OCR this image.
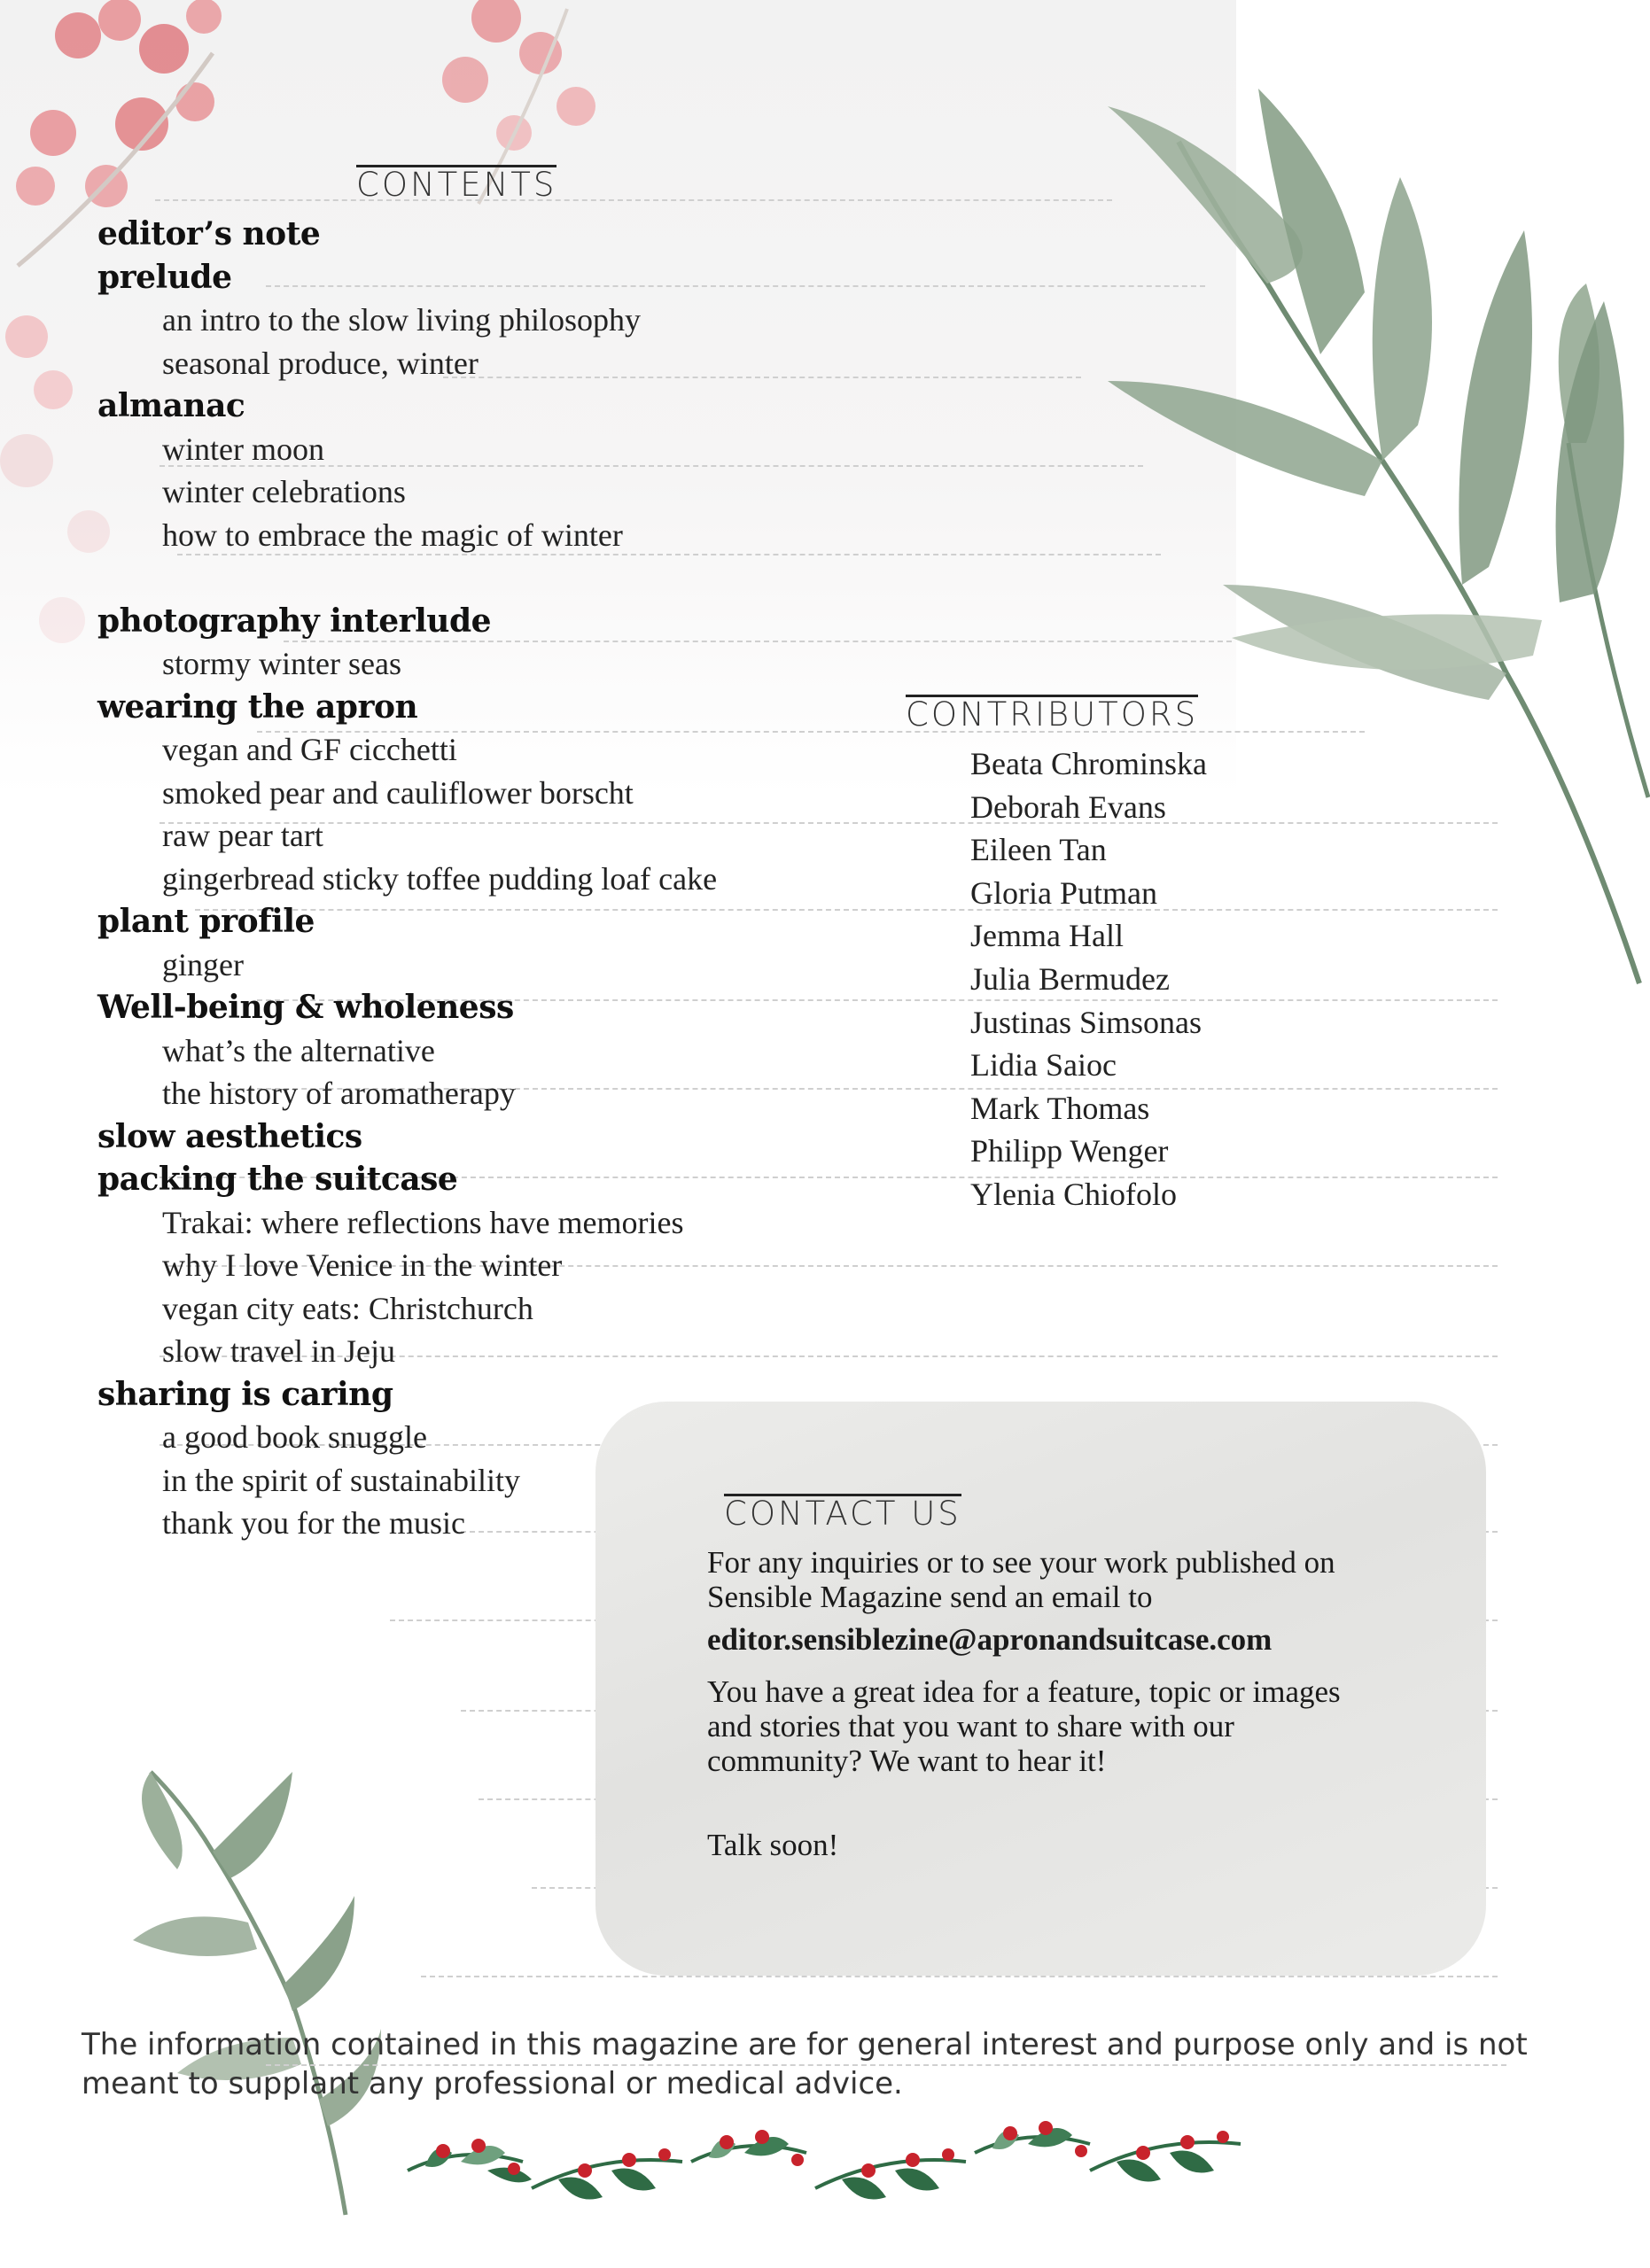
CONTENTS
editor’s note
prelude
an intro to the slow living philosophy
seasonal produce, winter
almanac
winter moon
winter celebrations
how to embrace the magic of winter
photography interlude
stormy winter seas
wearing the apron
vegan and GF cicchetti
smoked pear and cauliflower borscht
raw pear tart
gingerbread sticky toffee pudding loaf cake
plant profile
ginger
Well-being & wholeness
what’s the alternative
the history of aromatherapy
slow aesthetics
packing the suitcase
Trakai: where reflections have memories
why I love Venice in the winter
vegan city eats: Christchurch
slow travel in Jeju
sharing is caring
a good book snuggle
in the spirit of sustainability
thank you for the music
CONTRIBUTORS
Beata Chrominska
Deborah Evans
Eileen Tan
Gloria Putman
Jemma Hall
Julia Bermudez
Justinas Simsonas
Lidia Saioc
Mark Thomas
Philipp Wenger
Ylenia Chiofolo
CONTACT US
For any inquiries or to see your work published on
Sensible Magazine send an email to
editor.sensiblezine@apronandsuitcase.com
You have a great idea for a feature, topic or images
and stories that you want to share with our
community? We want to hear it!
Talk soon!
The information contained in this magazine are for general interest and purpose only and is not
meant to supplant any professional or medical advice.
